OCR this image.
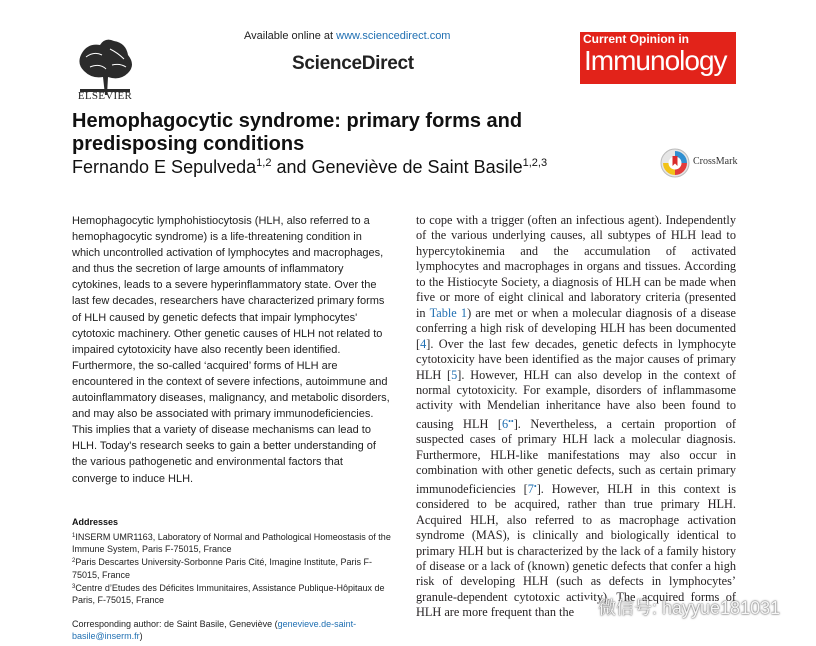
ELSEVIER
Available online at www.sciencedirect.com
ScienceDirect
Current Opinion in
Immunology
Hemophagocytic syndrome: primary forms and predisposing conditions
Fernando E Sepulveda$^{1,2}$ and Geneviève de Saint Basile$^{1,2,3}$	CrossMark
Hemophagocytic lymphohistiocytosis (HLH, also referred to a hemophagocytic syndrome) is a life-threatening condition in which uncontrolled activation of lymphocytes and macrophages, and thus the secretion of large amounts of inflammatory cytokines, leads to a severe hyperinflammatory state. Over the last few decades, researchers have characterized primary forms of HLH caused by genetic defects that impair lymphocytes' cytotoxic machinery. Other genetic causes of HLH not related to impaired cytotoxicity have also recently been identified. Furthermore, the so-called ‘acquired’ forms of HLH are encountered in the context of severe infections, autoimmune and autoinflammatory diseases, malignancy, and metabolic disorders, and may also be associated with primary immunodeficiencies. This implies that a variety of disease mechanisms can lead to HLH. Today's research seeks to gain a better understanding of the various pathogenetic and environmental factors that converge to induce HLH.
Addresses

$^1$INSERM UMR1163, Laboratory of Normal and Pathological Homeostasis of the Immune System, Paris F-75015, France

$^2$Paris Descartes University-Sorbonne Paris Cité, Imagine Institute, Paris F-75015, France

$^3$Centre d’Etudes des Déficites Immunitaires, Assistance Publique-Hôpitaux de Paris, F-75015, France

Corresponding author: de Saint Basile, Geneviève (genevieve.de-saint-basile@inserm.fr)
to cope with a trigger (often an infectious agent). Independently of the various underlying causes, all subtypes of HLH lead to hypercytokinemia and the accumulation of activated lymphocytes and macrophages in organs and tissues. According to the Histiocyte Society, a diagnosis of HLH can be made when five or more of eight clinical and laboratory criteria (presented in Table 1) are met or when a molecular diagnosis of a disease conferring a high risk of developing HLH has been documented [4]. Over the last few decades, genetic defects in lymphocyte cytotoxicity have been identified as the major causes of primary HLH [5]. However, HLH can also develop in the context of normal cytotoxicity. For example, disorders of inflammasome activity with Mendelian inheritance have also been found to causing HLH [6••]. Nevertheless, a certain proportion of suspected cases of primary HLH lack a molecular diagnosis. Furthermore, HLH-like manifestations may also occur in combination with other genetic defects, such as certain primary immunodeficiencies [7•]. However, HLH in this context is considered to be acquired, rather than true primary HLH. Acquired HLH, also referred to as macrophage activation syndrome (MAS), is clinically and biologically identical to primary HLH but is characterized by the lack of a family history of disease or a lack of (known) genetic defects that confer a high risk of developing HLH (such as defects in lymphocytes’ granule-dependent cytotoxic activity). The acquired forms of HLH are more frequent than the	微信号: hayyue181031
